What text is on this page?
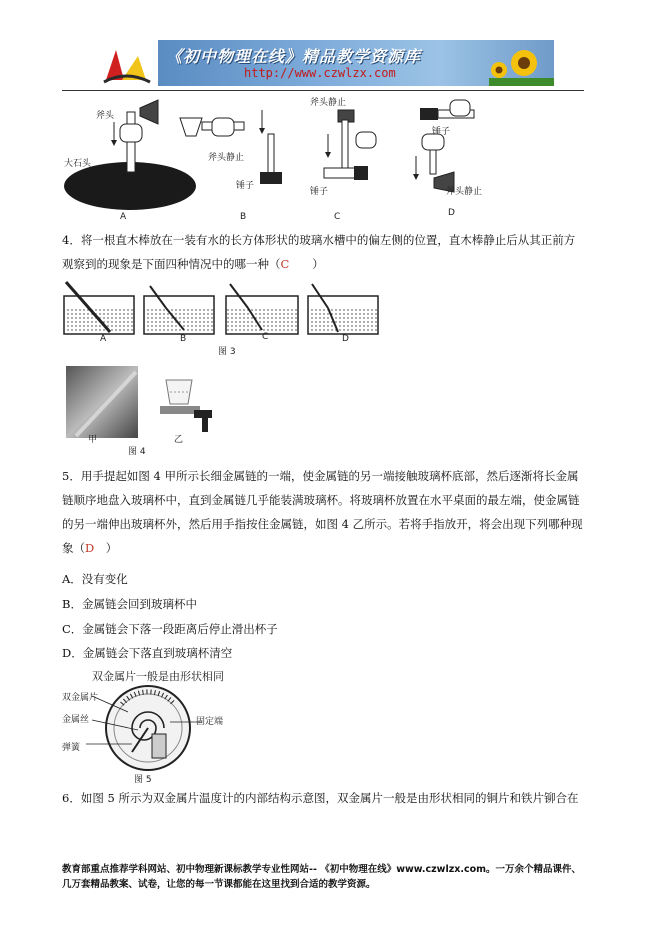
《初中物理在线》精品教学资源库
http://www.czwlzx.com
斧头
大石头
斧头静止
锤子
斧头静止
锤子
锤子
斧头静止
A	B	C	D
4．将一根直木棒放在一装有水的长方体形状的玻璃水槽中的偏左侧的位置，直木棒静止后从其正前方
观察到的现象是下面四种情况中的哪一种（C　　）
A	B	C	D
图 3
甲	乙
图 4
5．用手提起如图 4 甲所示长细金属链的一端，使金属链的另一端接触玻璃杯底部，然后逐渐将长金属
链顺序地盘入玻璃杯中，直到金属链几乎能装满玻璃杯。将玻璃杯放置在水平桌面的最左端，使金属链
的另一端伸出玻璃杯外，然后用手指按住金属链，如图 4 乙所示。若将手指放开，将会出现下列哪种现
象（D　）
A．没有变化
B．金属链会回到玻璃杯中
C．金属链会下落一段距离后停止滑出杯子
D．金属链会下落直到玻璃杯清空
双金属片一般是由形状相同
双金属片
金属丝
弹簧
固定端
图 5
6．如图 5 所示为双金属片温度计的内部结构示意图，双金属片一般是由形状相同的铜片和铁片铆合在
教育部重点推荐学科网站、初中物理新课标教学专业性网站-- 《初中物理在线》www.czwlzx.com。一万余个精品课件、
几万套精品教案、试卷，让您的每一节课都能在这里找到合适的教学资源。
